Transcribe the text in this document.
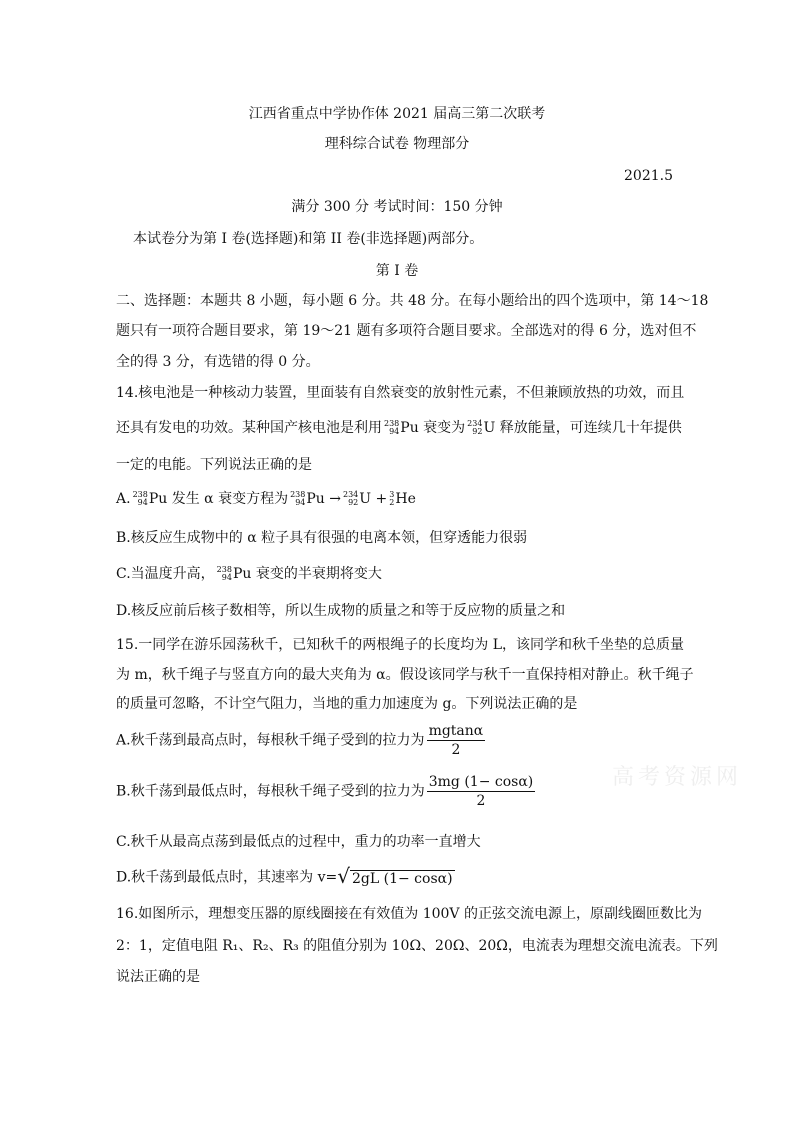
江西省重点中学协作体 2021 届高三第二次联考
理科综合试卷 物理部分
2021.5
满分 300 分 考试时间：150 分钟
本试卷分为第 I 卷(选择题)和第 II 卷(非选择题)两部分。
第 I 卷
二、选择题：本题共 8 小题，每小题 6 分。共 48 分。在每小题给出的四个选项中，第 14～18
题只有一项符合题目要求，第 19～21 题有多项符合题目要求。全部选对的得 6 分，选对但不
全的得 3 分，有选错的得 0 分。
14.核电池是一种核动力装置，里面装有自然衰变的放射性元素，不但兼顾放热的功效，而且
还具有发电的功效。某种国产核电池是利用 238
94 Pu 衰变为 234
92 U 释放能量，可连续几十年提供
一定的电能。下列说法正确的是
A. 238
94 Pu 发生 α 衰变方程为 238
94 Pu → 234
92 U + 3
2 He
B.核反应生成物中的 α 粒子具有很强的电离本领，但穿透能力很弱
C.当温度升高， 238
94 Pu 衰变的半衰期将变大
D.核反应前后核子数相等，所以生成物的质量之和等于反应物的质量之和
15.一同学在游乐园荡秋千，已知秋千的两根绳子的长度均为 L，该同学和秋千坐垫的总质量
为 m，秋千绳子与竖直方向的最大夹角为 α。假设该同学与秋千一直保持相对静止。秋千绳子
的质量可忽略，不计空气阻力，当地的重力加速度为 g。下列说法正确的是
A.秋千荡到最高点时，每根秋千绳子受到的拉力为 $\frac{mgtan\alpha}{2}$
B.秋千荡到最低点时，每根秋千绳子受到的拉力为 $\frac{3mg (1- \cos\alpha)}{2}$
C.秋千从最高点荡到最低点的过程中，重力的功率一直增大
D.秋千荡到最低点时，其速率为 v=√ 2gL (1− cosα)
16.如图所示，理想变压器的原线圈接在有效值为 100V 的正弦交流电源上，原副线圈匝数比为
2：1，定值电阻 R₁、R₂、R₃ 的阻值分别为 10Ω、20Ω、20Ω，电流表为理想交流电流表。下列
说法正确的是
高考资源网
